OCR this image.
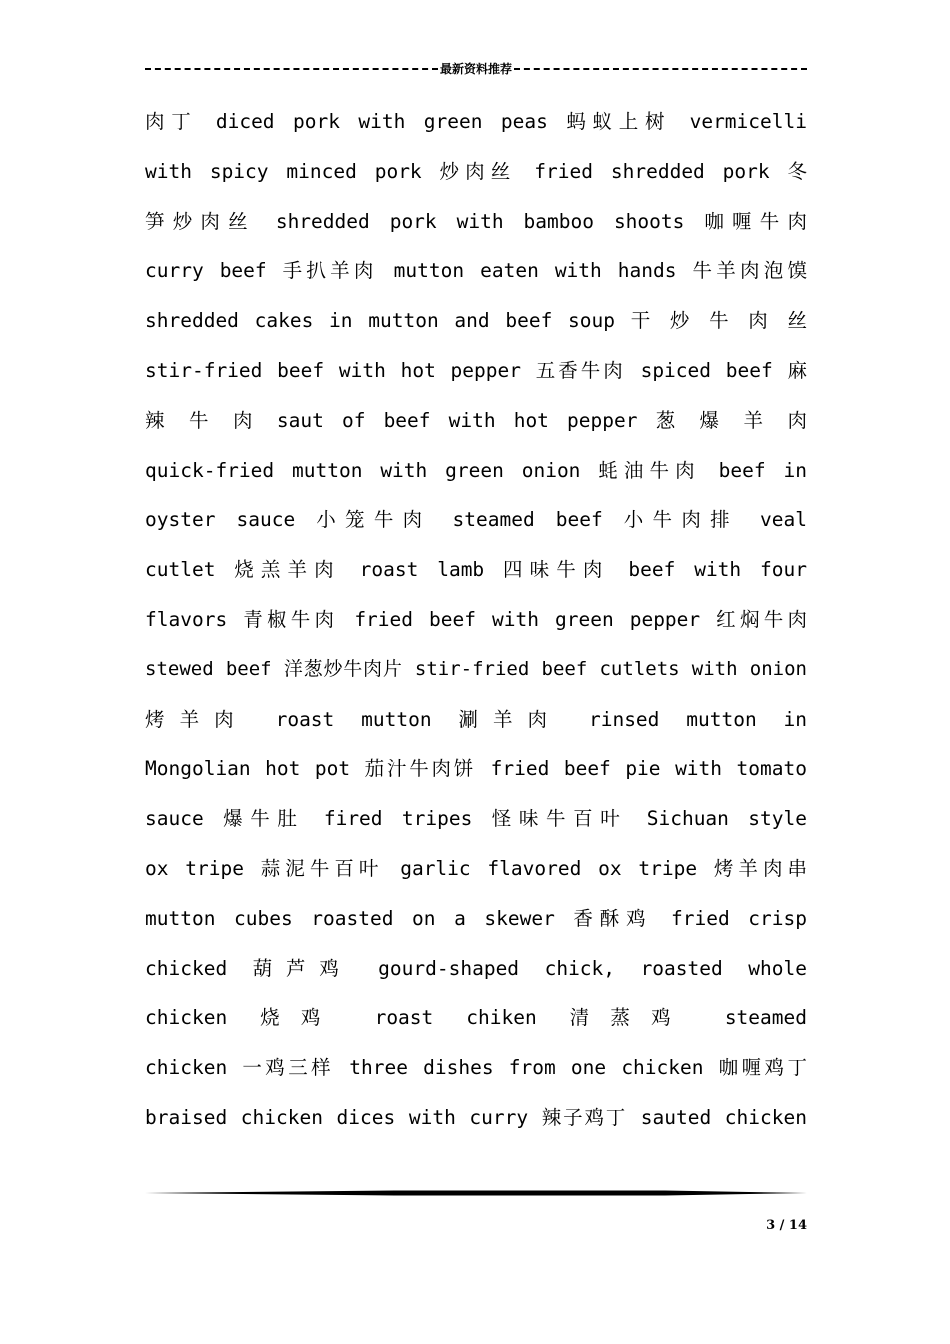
最新资料推荐
肉丁 diced pork with green peas 蚂蚁上树 vermicelli
with spicy minced pork 炒肉丝 fried shredded pork 冬
笋炒肉丝 shredded pork with bamboo shoots 咖喱牛肉
curry beef 手扒羊肉 mutton eaten with hands 牛羊肉泡馍
shredded cakes in mutton and beef soup 干 炒 牛 肉 丝
stir-fried beef with hot pepper 五香牛肉 spiced beef 麻
辣 牛 肉 saut of beef with hot pepper 葱 爆 羊 肉
quick-fried mutton with green onion 蚝油牛肉 beef in
oyster sauce 小笼牛肉 steamed beef 小牛肉排 veal
cutlet 烧羔羊肉 roast lamb 四味牛肉 beef with four
flavors 青椒牛肉 fried beef with green pepper 红焖牛肉
stewed beef 洋葱炒牛肉片 stir-fried beef cutlets with onion
烤羊肉 roast mutton 涮羊肉 rinsed mutton in
Mongolian hot pot 茄汁牛肉饼 fried beef pie with tomato
sauce 爆牛肚 fired tripes 怪味牛百叶 Sichuan style
ox tripe 蒜泥牛百叶 garlic flavored ox tripe 烤羊肉串
mutton cubes roasted on a skewer 香酥鸡 fried crisp
chicked 葫芦鸡 gourd-shaped chick, roasted whole
chicken 烧鸡 roast chiken 清蒸鸡 steamed
chicken 一鸡三样 three dishes from one chicken 咖喱鸡丁
braised chicken dices with curry 辣子鸡丁 sauted chicken
3 / 14
